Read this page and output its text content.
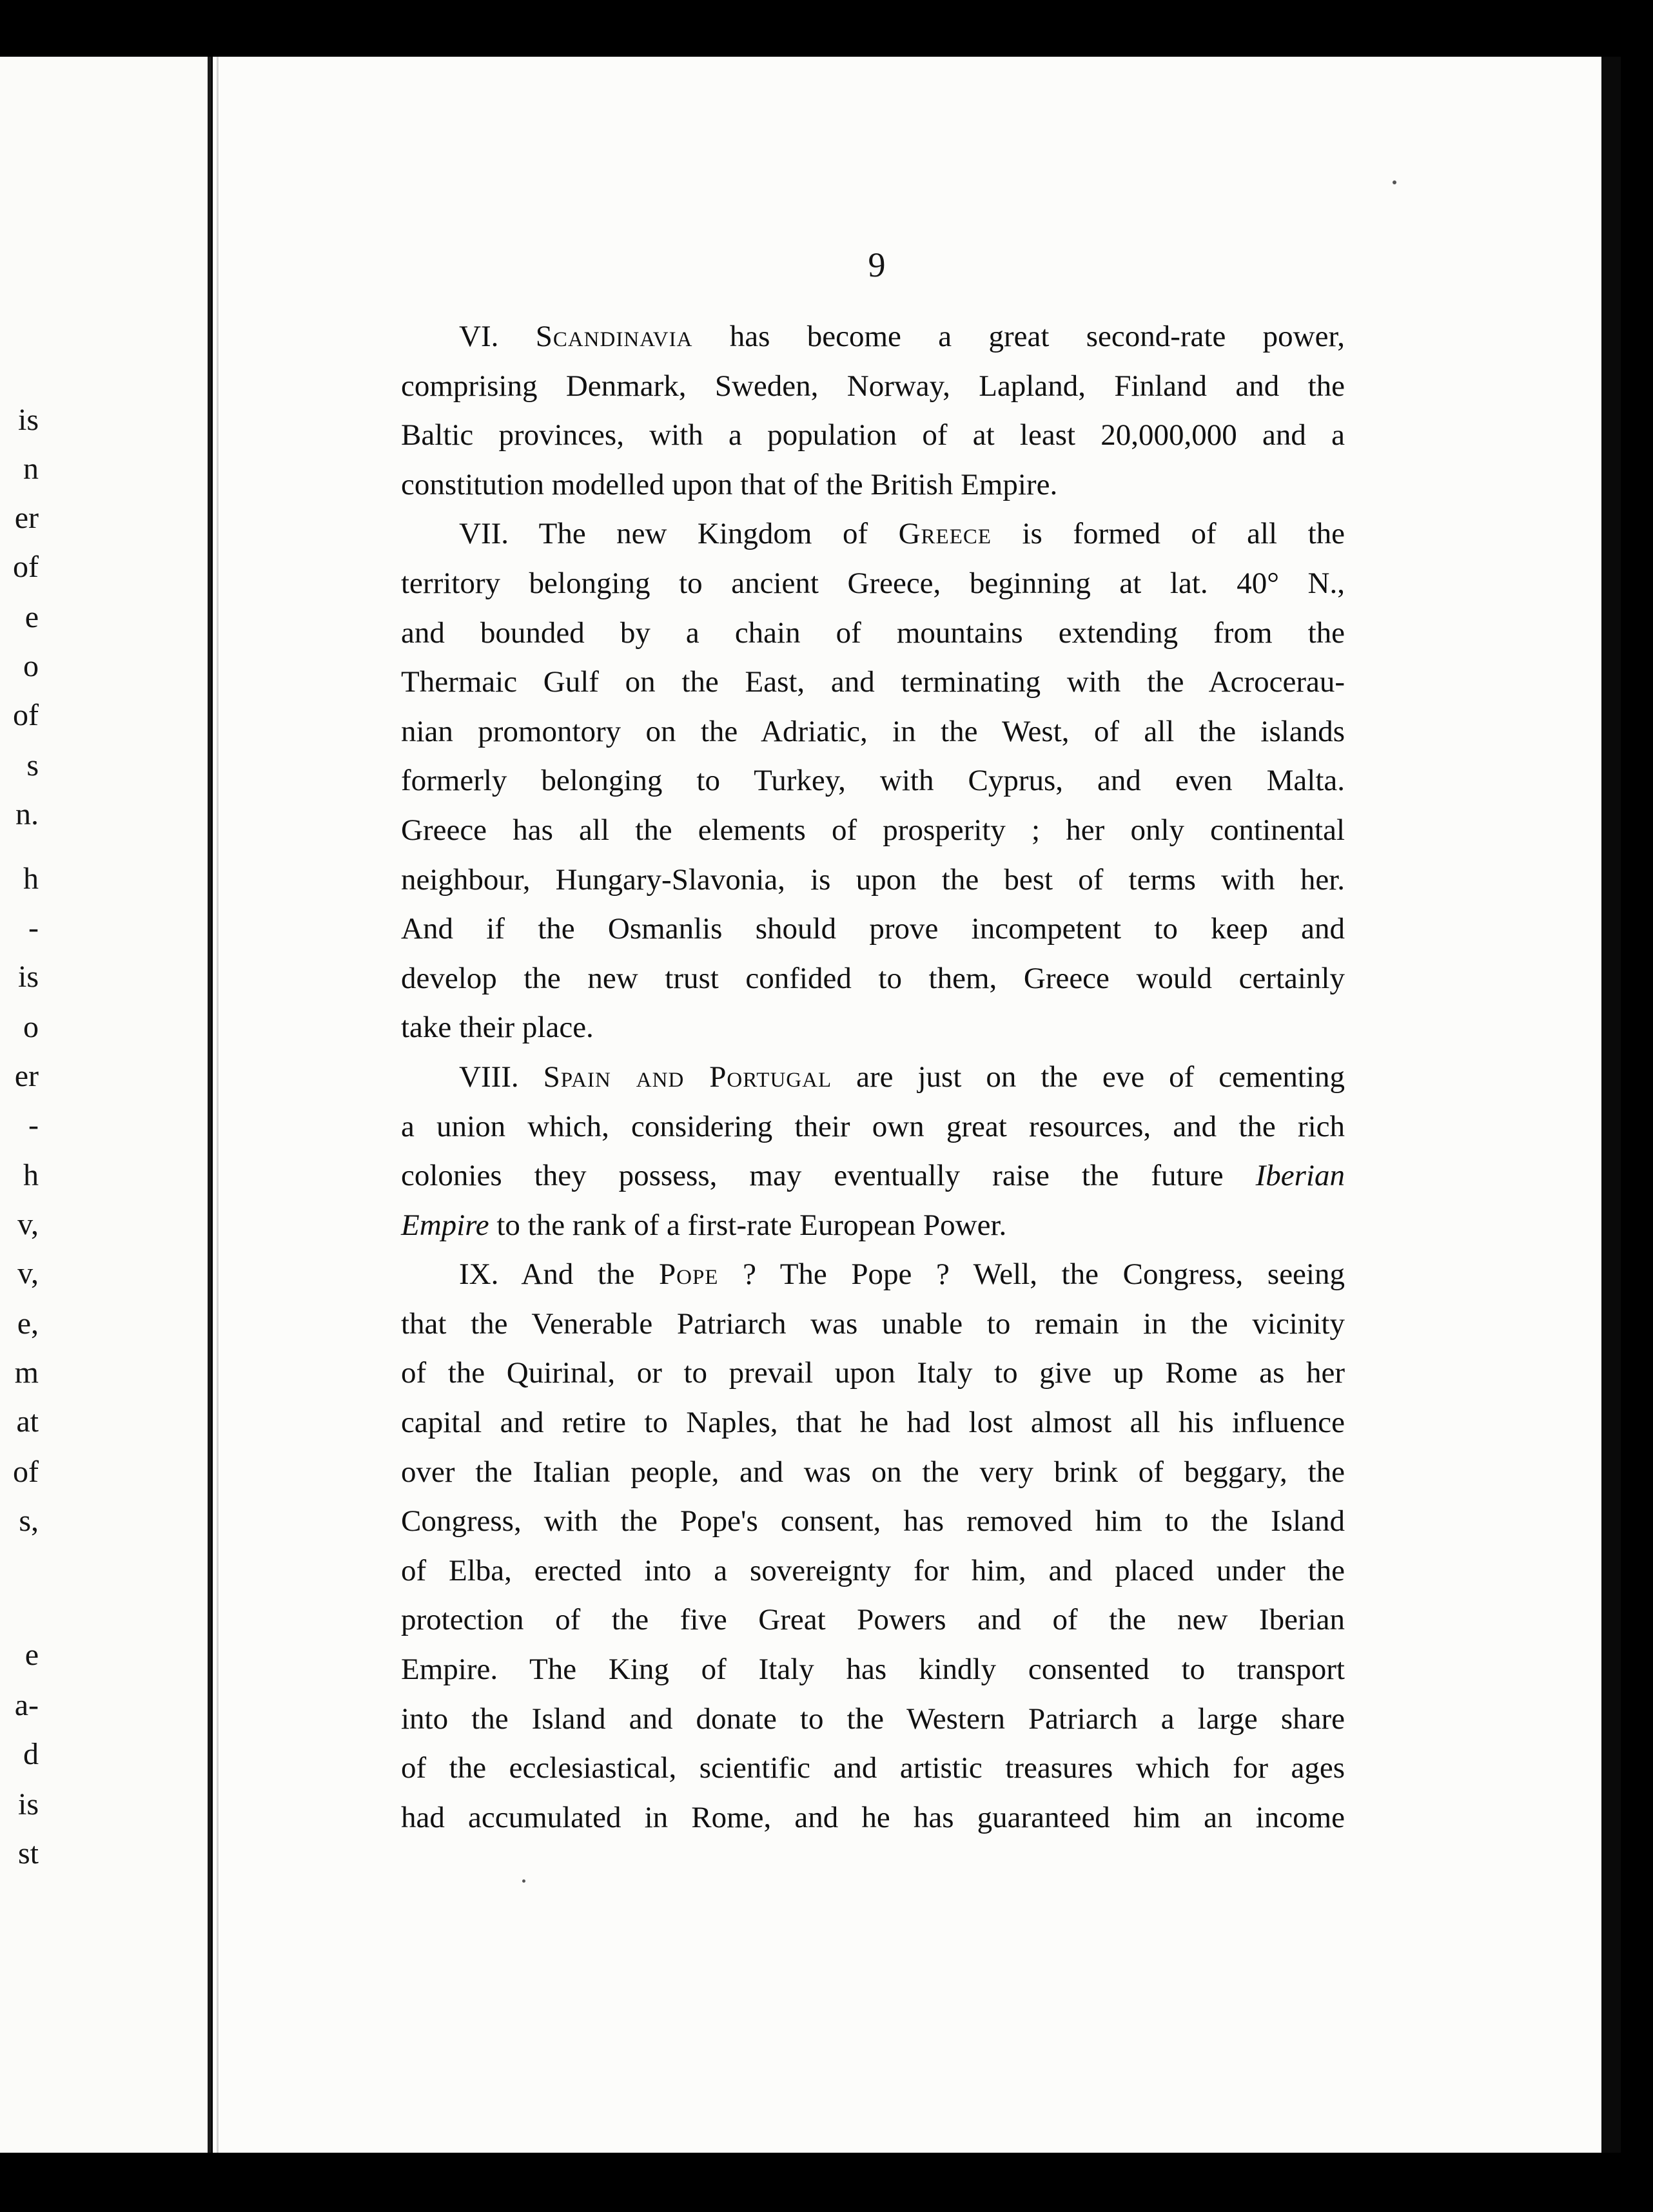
is
n
er
of
e
o
of
s
n.
h
-
is
o
er
-
h
v,
v,
e,
m
at
of
s,
e
a-
d
is
st
9

VI. Scandinavia has become a great second-rate power,
comprising Denmark, Sweden, Norway, Lapland, Finland and the
Baltic provinces, with a population of at least 20,000,000 and a
constitution modelled upon that of the British Empire.

VII. The new Kingdom of Greece is formed of all the
territory belonging to ancient Greece, beginning at lat. 40° N.,
and bounded by a chain of mountains extending from the
Thermaic Gulf on the East, and terminating with the Acrocerau-
nian promontory on the Adriatic, in the West, of all the islands
formerly belonging to Turkey, with Cyprus, and even Malta.
Greece has all the elements of prosperity ; her only continental
neighbour, Hungary-Slavonia, is upon the best of terms with her.
And if the Osmanlis should prove incompetent to keep and
develop the new trust confided to them, Greece would certainly
take their place.

VIII. Spain and Portugal are just on the eve of cementing
a union which, considering their own great resources, and the rich
colonies they possess, may eventually raise the future Iberian
Empire to the rank of a first-rate European Power.

IX. And the Pope ? The Pope ? Well, the Congress, seeing
that the Venerable Patriarch was unable to remain in the vicinity
of the Quirinal, or to prevail upon Italy to give up Rome as her
capital and retire to Naples, that he had lost almost all his influence
over the Italian people, and was on the very brink of beggary, the
Congress, with the Pope's consent, has removed him to the Island
of Elba, erected into a sovereignty for him, and placed under the
protection of the five Great Powers and of the new Iberian
Empire. The King of Italy has kindly consented to transport
into the Island and donate to the Western Patriarch a large share
of the ecclesiastical, scientific and artistic treasures which for ages
had accumulated in Rome, and he has guaranteed him an income
